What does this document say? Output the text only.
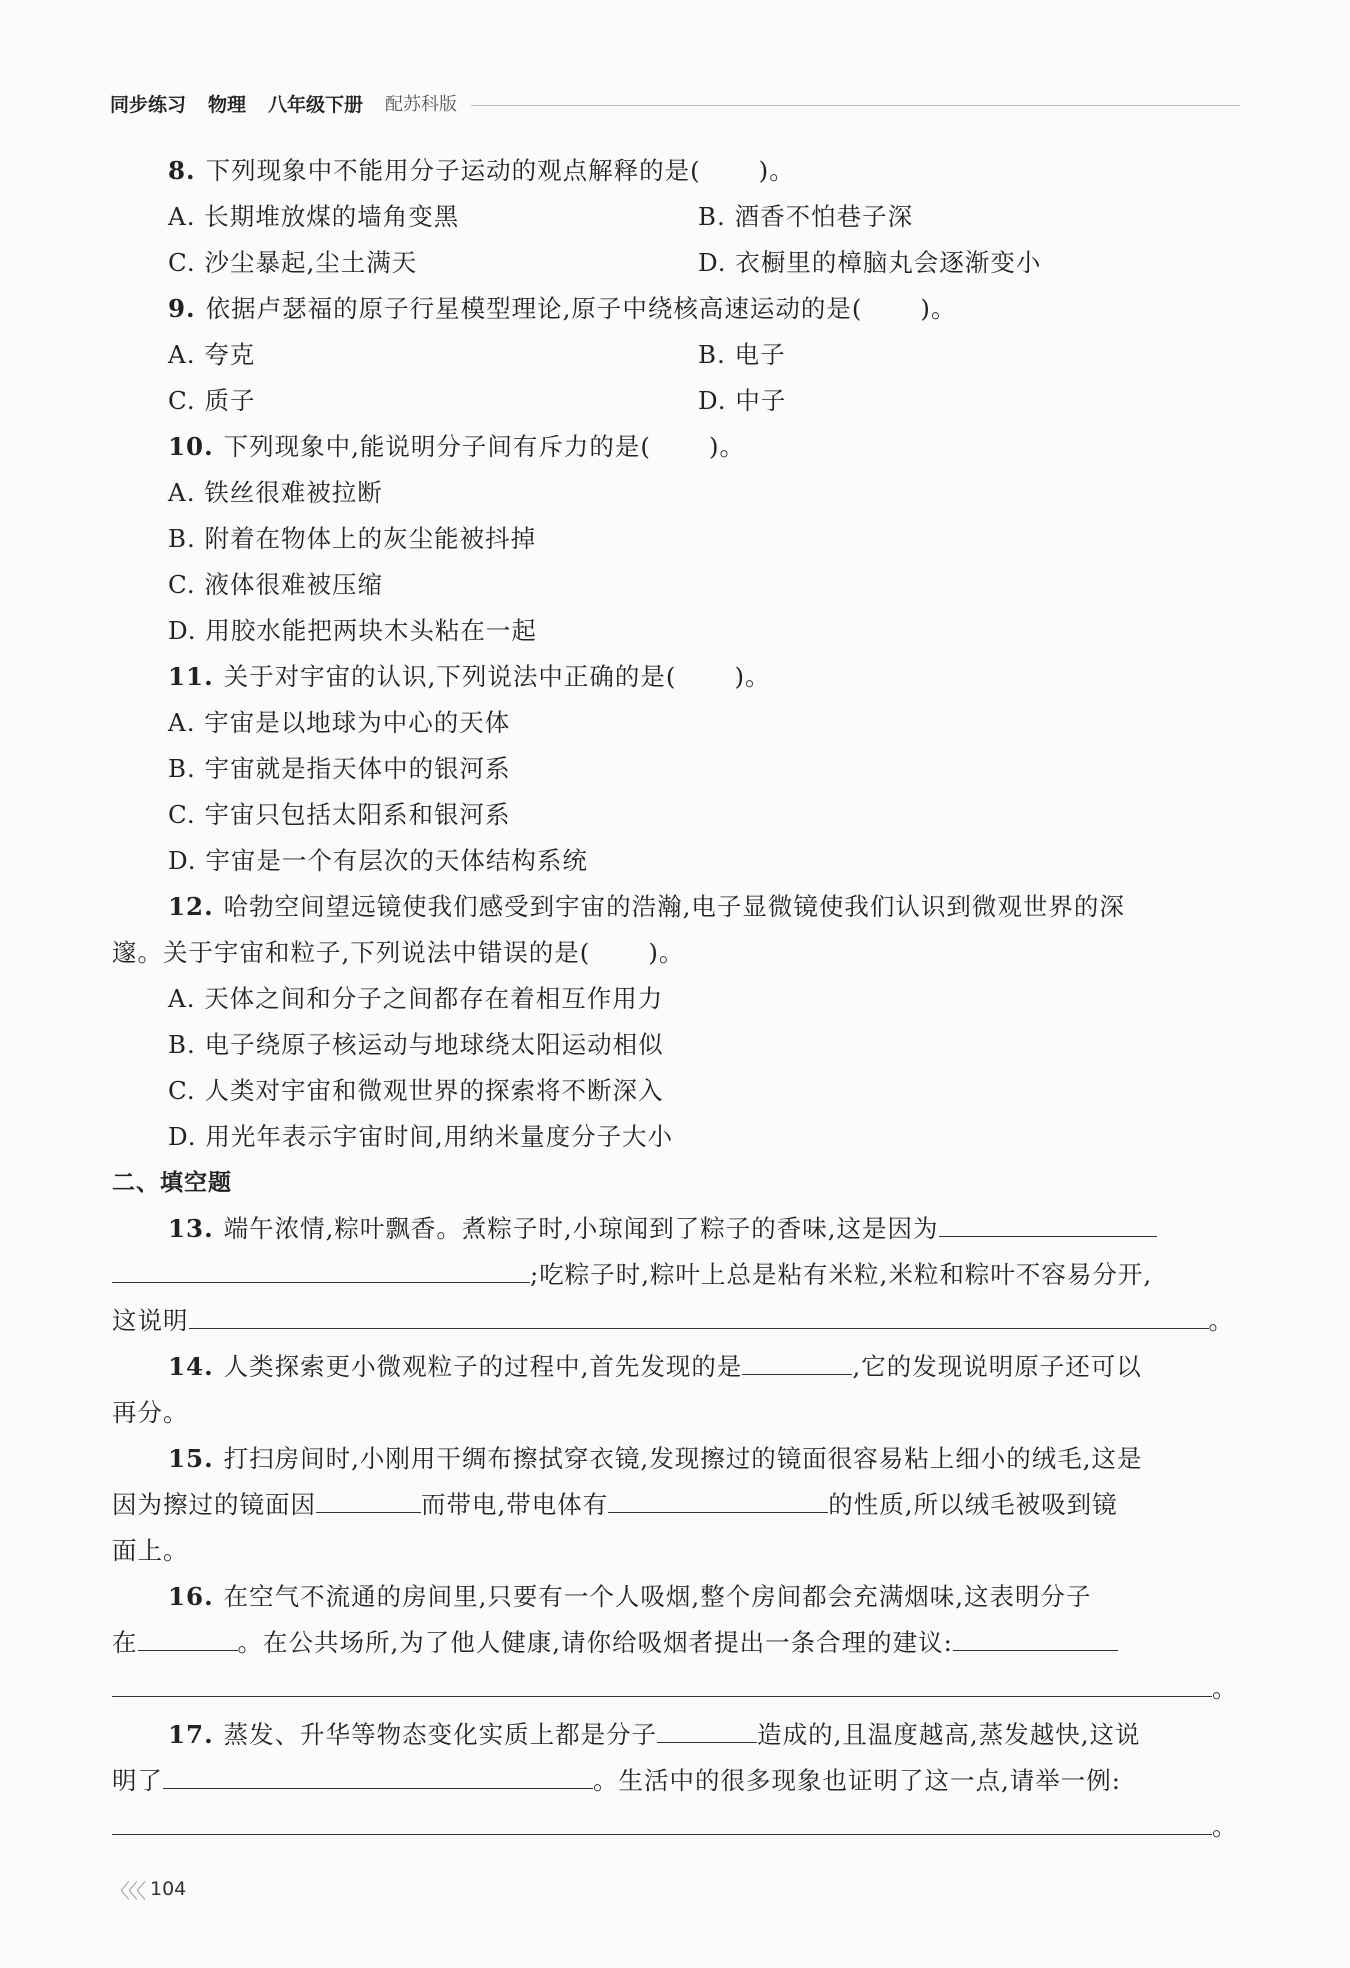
同步练习 物理 八年级下册 配苏科版
8. 下列现象中不能用分子运动的观点解释的是( )。
A. 长期堆放煤的墙角变黑	B. 酒香不怕巷子深
C. 沙尘暴起,尘土满天	D. 衣橱里的樟脑丸会逐渐变小
9. 依据卢瑟福的原子行星模型理论,原子中绕核高速运动的是( )。
A. 夸克	B. 电子
C. 质子	D. 中子
10. 下列现象中,能说明分子间有斥力的是( )。
A. 铁丝很难被拉断
B. 附着在物体上的灰尘能被抖掉
C. 液体很难被压缩
D. 用胶水能把两块木头粘在一起
11. 关于对宇宙的认识,下列说法中正确的是( )。
A. 宇宙是以地球为中心的天体
B. 宇宙就是指天体中的银河系
C. 宇宙只包括太阳系和银河系
D. 宇宙是一个有层次的天体结构系统
12. 哈勃空间望远镜使我们感受到宇宙的浩瀚,电子显微镜使我们认识到微观世界的深
邃。关于宇宙和粒子,下列说法中错误的是( )。
A. 天体之间和分子之间都存在着相互作用力
B. 电子绕原子核运动与地球绕太阳运动相似
C. 人类对宇宙和微观世界的探索将不断深入
D. 用光年表示宇宙时间,用纳米量度分子大小
二、填空题
13. 端午浓情,粽叶飘香。煮粽子时,小琼闻到了粽子的香味,这是因为
;吃粽子时,粽叶上总是粘有米粒,米粒和粽叶不容易分开,
这说明	。
14. 人类探索更小微观粒子的过程中,首先发现的是	,它的发现说明原子还可以
再分。
15. 打扫房间时,小刚用干绸布擦拭穿衣镜,发现擦过的镜面很容易粘上细小的绒毛,这是
因为擦过的镜面因	而带电,带电体有	的性质,所以绒毛被吸到镜
面上。
16. 在空气不流通的房间里,只要有一个人吸烟,整个房间都会充满烟味,这表明分子
在	。在公共场所,为了他人健康,请你给吸烟者提出一条合理的建议:
。
17. 蒸发、升华等物态变化实质上都是分子	造成的,且温度越高,蒸发越快,这说
明了	。生活中的很多现象也证明了这一点,请举一例:
。
〈〈〈 104
